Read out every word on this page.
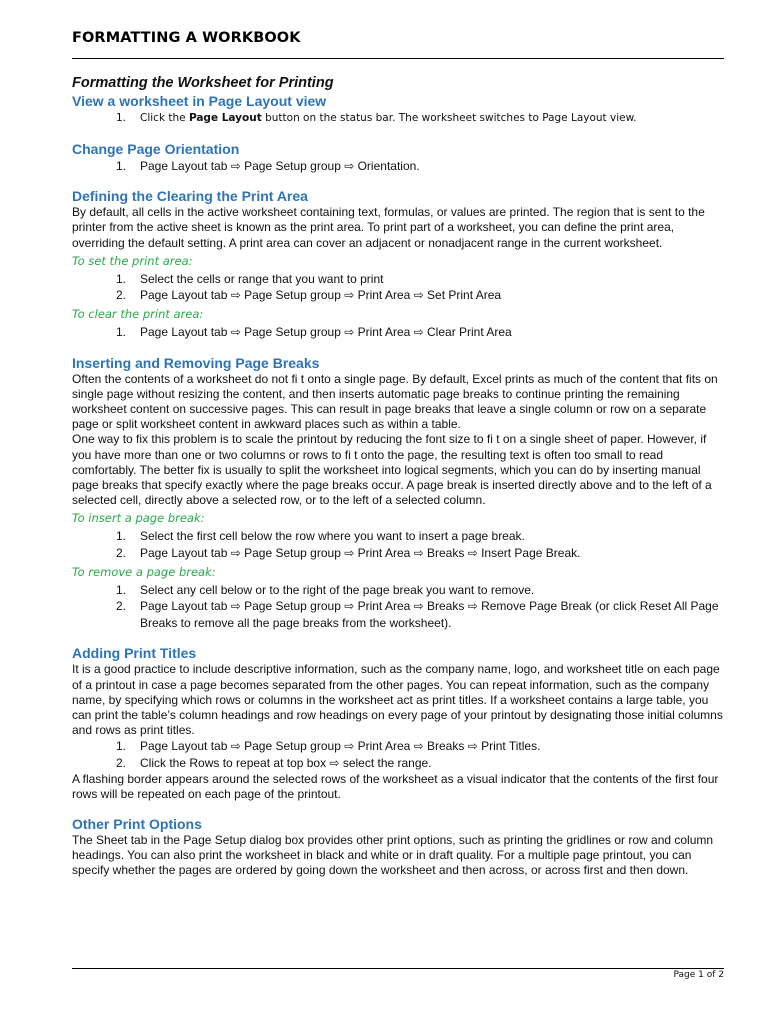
FORMATTING A WORKBOOK

Formatting the Worksheet for Printing

View a worksheet in Page Layout view

1. Click the Page Layout button on the status bar. The worksheet switches to Page Layout view.

Change Page Orientation

1. Page Layout tab ⇨ Page Setup group ⇨ Orientation.

Defining the Clearing the Print Area

By default, all cells in the active worksheet containing text, formulas, or values are printed. The region that is sent to the printer from the active sheet is known as the print area. To print part of a worksheet, you can define the print area, overriding the default setting. A print area can cover an adjacent or nonadjacent range in the current worksheet.

To set the print area:

1. Select the cells or range that you want to print
2. Page Layout tab ⇨ Page Setup group ⇨ Print Area ⇨ Set Print Area

To clear the print area:

1. Page Layout tab ⇨ Page Setup group ⇨ Print Area ⇨ Clear Print Area

Inserting and Removing Page Breaks

Often the contents of a worksheet do not fi t onto a single page. By default, Excel prints as much of the content that fits on single page without resizing the content, and then inserts automatic page breaks to continue printing the remaining worksheet content on successive pages. This can result in page breaks that leave a single column or row on a separate page or split worksheet content in awkward places such as within a table.

One way to fix this problem is to scale the printout by reducing the font size to fi t on a single sheet of paper. However, if you have more than one or two columns or rows to fi t onto the page, the resulting text is often too small to read comfortably. The better fix is usually to split the worksheet into logical segments, which you can do by inserting manual page breaks that specify exactly where the page breaks occur. A page break is inserted directly above and to the left of a selected cell, directly above a selected row, or to the left of a selected column.

To insert a page break:

1. Select the first cell below the row where you want to insert a page break.
2. Page Layout tab ⇨ Page Setup group ⇨ Print Area ⇨ Breaks ⇨ Insert Page Break.

To remove a page break:

1. Select any cell below or to the right of the page break you want to remove.
2. Page Layout tab ⇨ Page Setup group ⇨ Print Area ⇨ Breaks ⇨ Remove Page Break (or click Reset All Page Breaks to remove all the page breaks from the worksheet).

Adding Print Titles

It is a good practice to include descriptive information, such as the company name, logo, and worksheet title on each page of a printout in case a page becomes separated from the other pages. You can repeat information, such as the company name, by specifying which rows or columns in the worksheet act as print titles. If a worksheet contains a large table, you can print the table’s column headings and row headings on every page of your printout by designating those initial columns and rows as print titles.

1. Page Layout tab ⇨ Page Setup group ⇨ Print Area ⇨ Breaks ⇨ Print Titles.
2. Click the Rows to repeat at top box ⇨ select the range.

A flashing border appears around the selected rows of the worksheet as a visual indicator that the contents of the first four rows will be repeated on each page of the printout.

Other Print Options

The Sheet tab in the Page Setup dialog box provides other print options, such as printing the gridlines or row and column headings. You can also print the worksheet in black and white or in draft quality. For a multiple page printout, you can specify whether the pages are ordered by going down the worksheet and then across, or across first and then down.

Page 1 of 2
